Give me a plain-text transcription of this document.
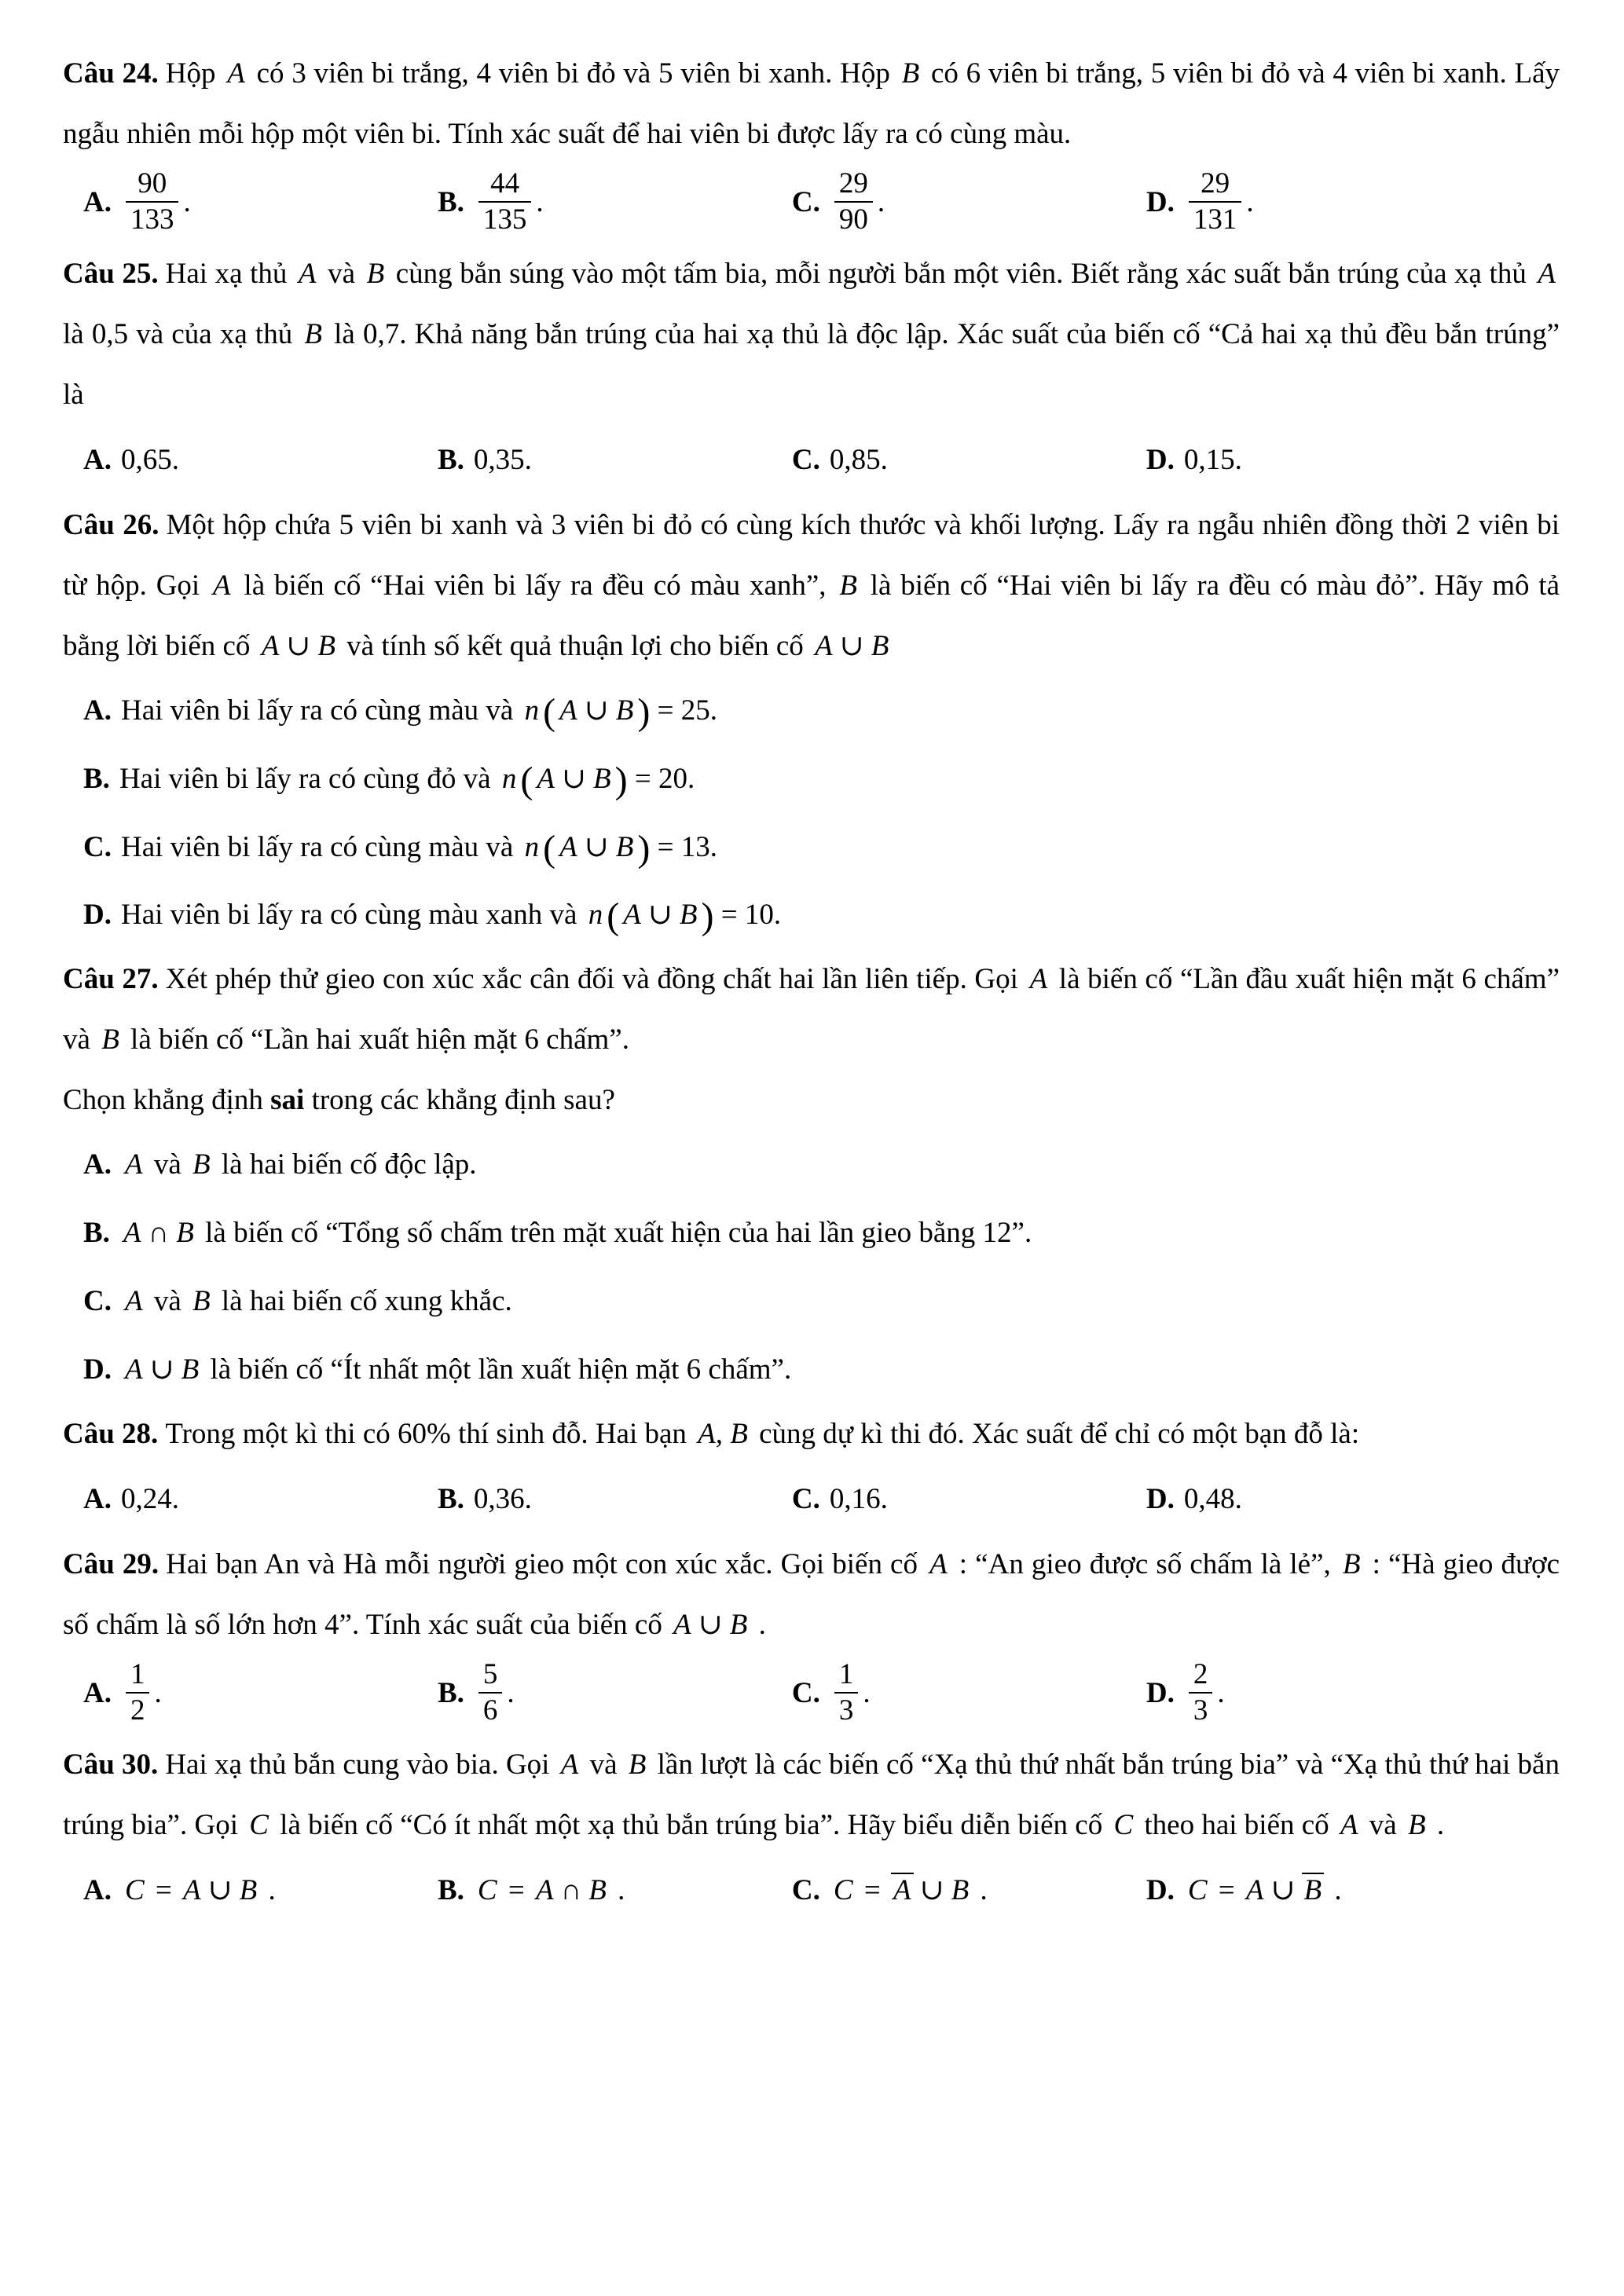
Câu 24. Hộp A có 3 viên bi trắng, 4 viên bi đỏ và 5 viên bi xanh. Hộp B có 6 viên bi trắng, 5 viên bi đỏ và 4 viên bi xanh. Lấy ngẫu nhiên mỗi hộp một viên bi. Tính xác suất để hai viên bi được lấy ra có cùng màu.

A. $\frac{90}{133}$ .	B. $\frac{44}{135}$ .	C. $\frac{29}{90}$ .	D. $\frac{29}{131}$ .

Câu 25. Hai xạ thủ A và B cùng bắn súng vào một tấm bia, mỗi người bắn một viên. Biết rằng xác suất bắn trúng của xạ thủ A là 0,5 và của xạ thủ B là 0,7. Khả năng bắn trúng của hai xạ thủ là độc lập. Xác suất của biến cố “Cả hai xạ thủ đều bắn trúng” là

A. 0,65.	B. 0,35.	C. 0,85.	D. 0,15.

Câu 26. Một hộp chứa 5 viên bi xanh và 3 viên bi đỏ có cùng kích thước và khối lượng. Lấy ra ngẫu nhiên đồng thời 2 viên bi từ hộp. Gọi A là biến cố “Hai viên bi lấy ra đều có màu xanh”, B là biến cố “Hai viên bi lấy ra đều có màu đỏ”. Hãy mô tả bằng lời biến cố A ∪ B và tính số kết quả thuận lợi cho biến cố A ∪ B

A. Hai viên bi lấy ra có cùng màu và n ( A ∪ B ) = 25.

B. Hai viên bi lấy ra có cùng đỏ và n ( A ∪ B ) = 20.

C. Hai viên bi lấy ra có cùng màu và n ( A ∪ B ) = 13.

D. Hai viên bi lấy ra có cùng màu xanh và n ( A ∪ B ) = 10.

Câu 27. Xét phép thử gieo con xúc xắc cân đối và đồng chất hai lần liên tiếp. Gọi A là biến cố “Lần đầu xuất hiện mặt 6 chấm” và B là biến cố “Lần hai xuất hiện mặt 6 chấm”.

Chọn khẳng định sai trong các khẳng định sau?

A. A và B là hai biến cố độc lập.

B. A ∩ B là biến cố “Tổng số chấm trên mặt xuất hiện của hai lần gieo bằng 12”.

C. A và B là hai biến cố xung khắc.

D. A ∪ B là biến cố “Ít nhất một lần xuất hiện mặt 6 chấm”.

Câu 28. Trong một kì thi có 60% thí sinh đỗ. Hai bạn A, B cùng dự kì thi đó. Xác suất để chỉ có một bạn đỗ là:

A. 0,24.	B. 0,36.	C. 0,16.	D. 0,48.

Câu 29. Hai bạn An và Hà mỗi người gieo một con xúc xắc. Gọi biến cố A : “An gieo được số chấm là lẻ”, B : “Hà gieo được số chấm là số lớn hơn 4”. Tính xác suất của biến cố A ∪ B .

A. $\frac{1}{2}$ .	B. $\frac{5}{6}$ .	C. $\frac{1}{3}$ .	D. $\frac{2}{3}$ .

Câu 30. Hai xạ thủ bắn cung vào bia. Gọi A và B lần lượt là các biến cố “Xạ thủ thứ nhất bắn trúng bia” và “Xạ thủ thứ hai bắn trúng bia”. Gọi C là biến cố “Có ít nhất một xạ thủ bắn trúng bia”. Hãy biểu diễn biến cố C theo hai biến cố A và B .

A. C = A ∪ B .	B. C = A ∩ B .	C. C = A ∪ B .	D. C = A ∪ B .
